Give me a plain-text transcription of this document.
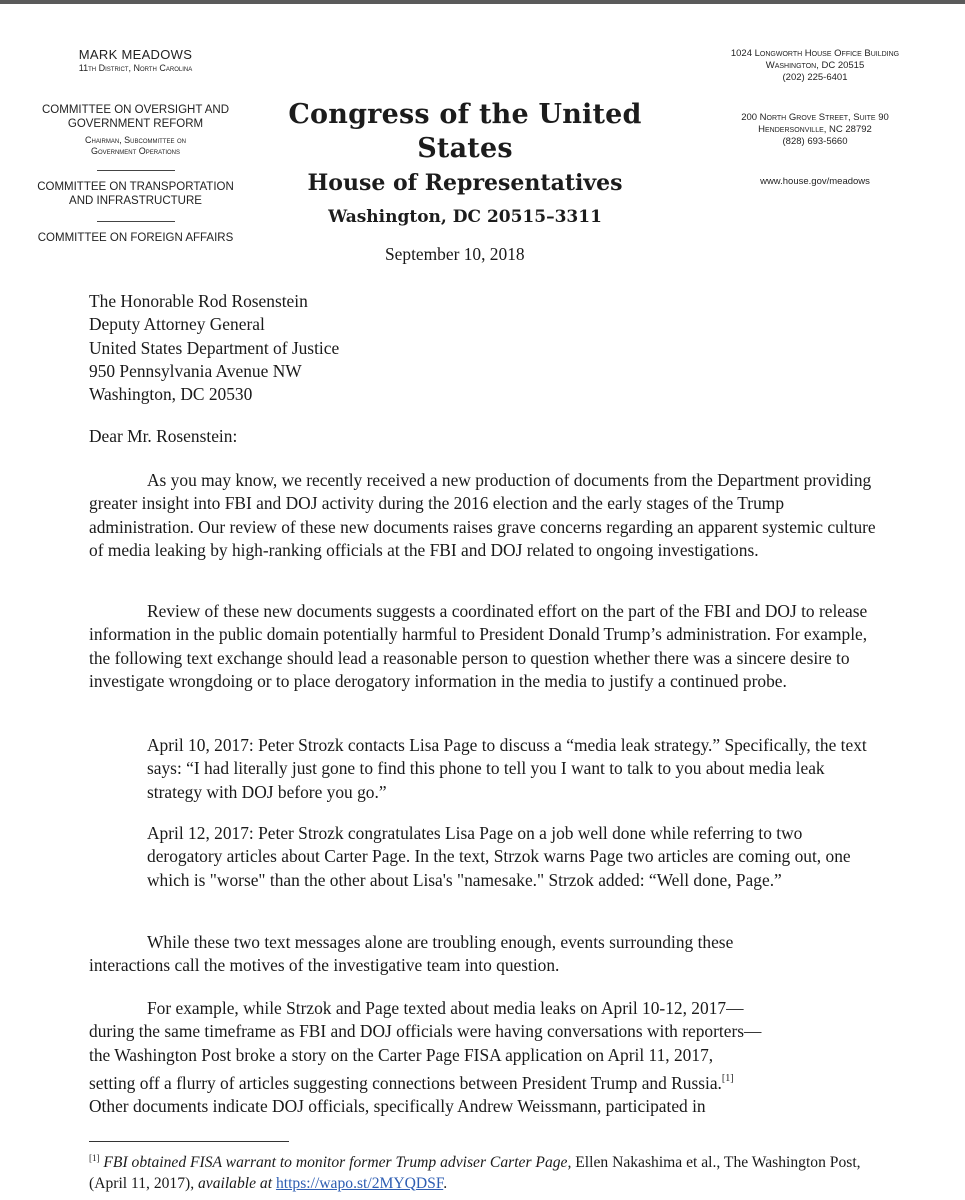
MARK MEADOWS
11th District, North Carolina
COMMITTEE ON OVERSIGHT AND
GOVERNMENT REFORM
Chairman, Subcommittee on
Government Operations
COMMITTEE ON TRANSPORTATION
AND INFRASTRUCTURE
COMMITTEE ON FOREIGN AFFAIRS
Congress of the United States
House of Representatives
Washington, DC 20515–3311
1024 Longworth House Office Building
Washington, DC 20515
(202) 225-6401
200 North Grove Street, Suite 90
Hendersonville, NC 28792
(828) 693-5660
www.house.gov/meadows
September 10, 2018
The Honorable Rod Rosenstein
Deputy Attorney General
United States Department of Justice
950 Pennsylvania Avenue NW
Washington, DC 20530
Dear Mr. Rosenstein:
As you may know, we recently received a new production of documents from the Department providing greater insight into FBI and DOJ activity during the 2016 election and the early stages of the Trump administration. Our review of these new documents raises grave concerns regarding an apparent systemic culture of media leaking by high-ranking officials at the FBI and DOJ related to ongoing investigations.
Review of these new documents suggests a coordinated effort on the part of the FBI and DOJ to release information in the public domain potentially harmful to President Donald Trump’s administration. For example, the following text exchange should lead a reasonable person to question whether there was a sincere desire to investigate wrongdoing or to place derogatory information in the media to justify a continued probe.
April 10, 2017: Peter Strozk contacts Lisa Page to discuss a “media leak strategy.” Specifically, the text says: “I had literally just gone to find this phone to tell you I want to talk to you about media leak strategy with DOJ before you go.”
April 12, 2017: Peter Strozk congratulates Lisa Page on a job well done while referring to two derogatory articles about Carter Page. In the text, Strzok warns Page two articles are coming out, one which is "worse" than the other about Lisa's "namesake." Strzok added: “Well done, Page.”
While these two text messages alone are troubling enough, events surrounding these
interactions call the motives of the investigative team into question.
For example, while Strzok and Page texted about media leaks on April 10-12, 2017—
during the same timeframe as FBI and DOJ officials were having conversations with reporters—
the Washington Post broke a story on the Carter Page FISA application on April 11, 2017,
setting off a flurry of articles suggesting connections between President Trump and Russia.[1]
Other documents indicate DOJ officials, specifically Andrew Weissmann, participated in
[1] FBI obtained FISA warrant to monitor former Trump adviser Carter Page, Ellen Nakashima et al., The Washington Post, (April 11, 2017), available at https://wapo.st/2MYQDSF.
